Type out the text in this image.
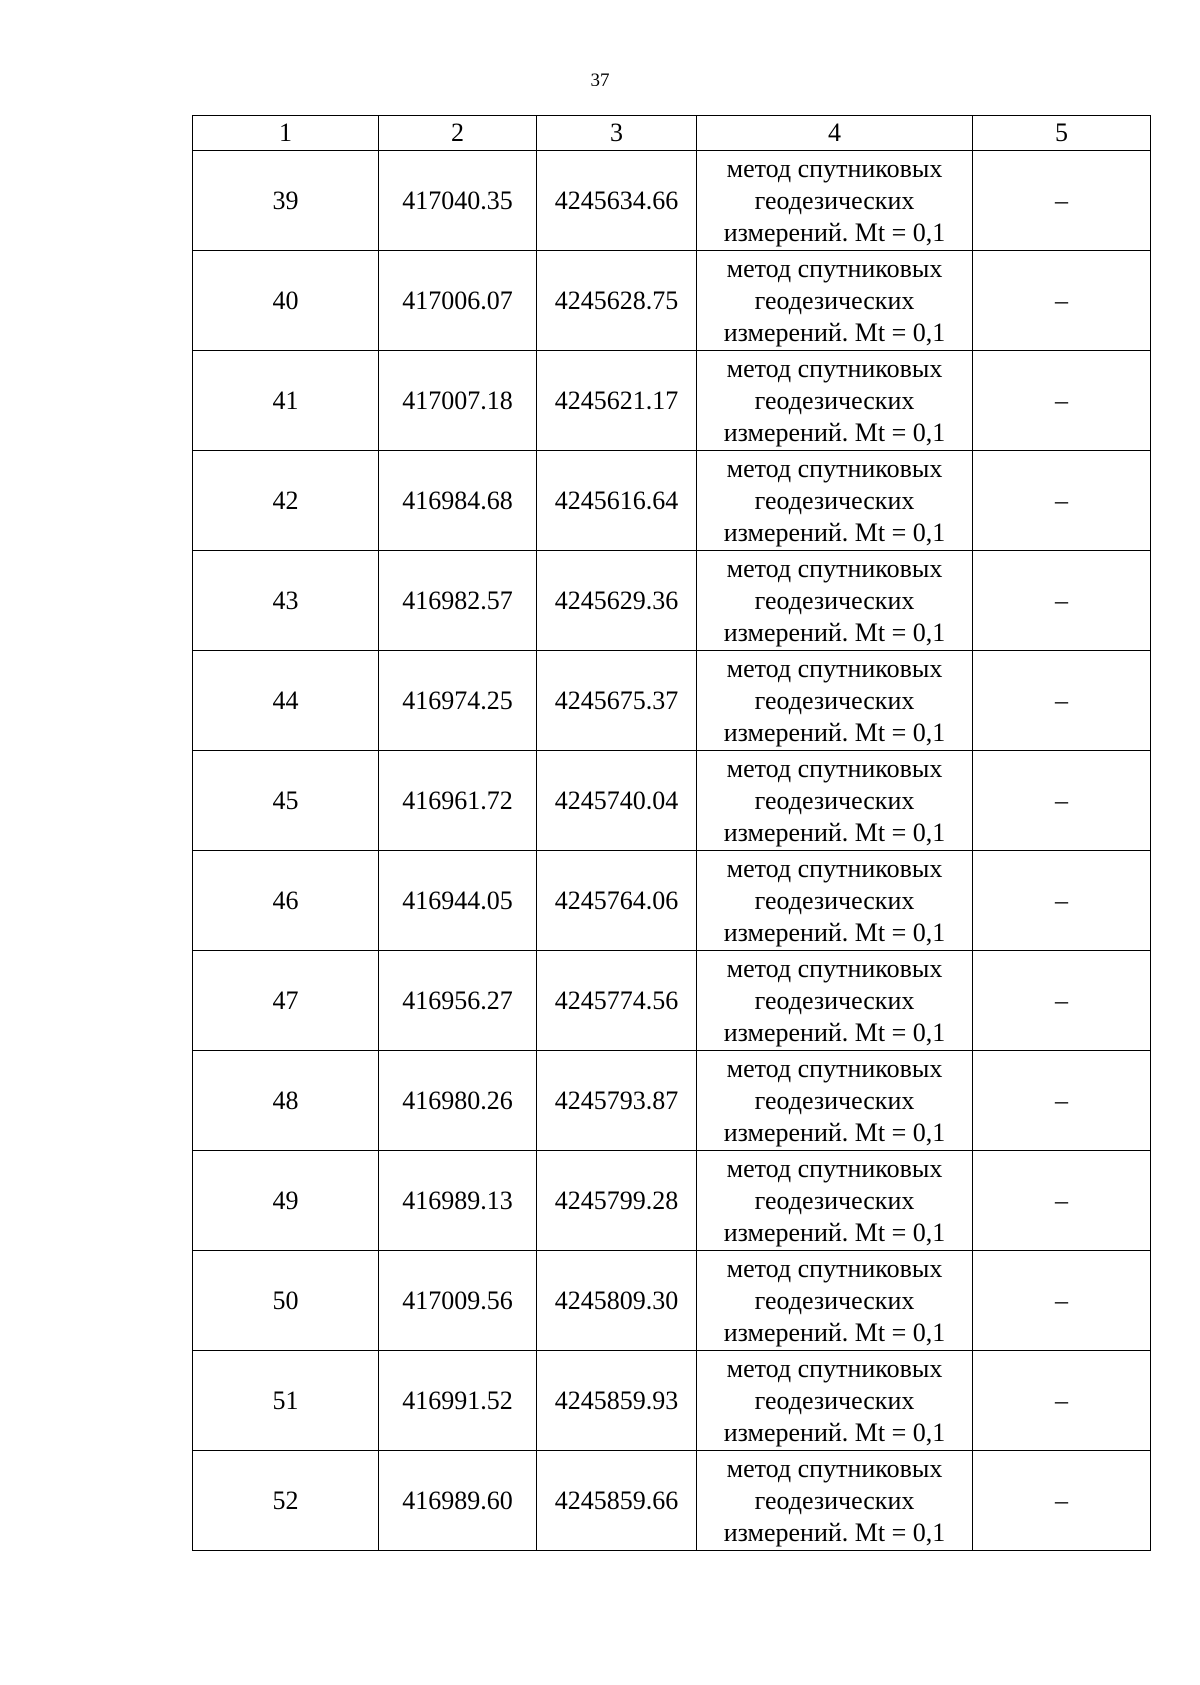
37
1	2	3	4	5
39	417040.35	4245634.66	метод спутниковых
геодезических
измерений. Mt = 0,1	–
40	417006.07	4245628.75	метод спутниковых
геодезических
измерений. Mt = 0,1	–
41	417007.18	4245621.17	метод спутниковых
геодезических
измерений. Mt = 0,1	–
42	416984.68	4245616.64	метод спутниковых
геодезических
измерений. Mt = 0,1	–
43	416982.57	4245629.36	метод спутниковых
геодезических
измерений. Mt = 0,1	–
44	416974.25	4245675.37	метод спутниковых
геодезических
измерений. Mt = 0,1	–
45	416961.72	4245740.04	метод спутниковых
геодезических
измерений. Mt = 0,1	–
46	416944.05	4245764.06	метод спутниковых
геодезических
измерений. Mt = 0,1	–
47	416956.27	4245774.56	метод спутниковых
геодезических
измерений. Mt = 0,1	–
48	416980.26	4245793.87	метод спутниковых
геодезических
измерений. Mt = 0,1	–
49	416989.13	4245799.28	метод спутниковых
геодезических
измерений. Mt = 0,1	–
50	417009.56	4245809.30	метод спутниковых
геодезических
измерений. Mt = 0,1	–
51	416991.52	4245859.93	метод спутниковых
геодезических
измерений. Mt = 0,1	–
52	416989.60	4245859.66	метод спутниковых
геодезических
измерений. Mt = 0,1	–
